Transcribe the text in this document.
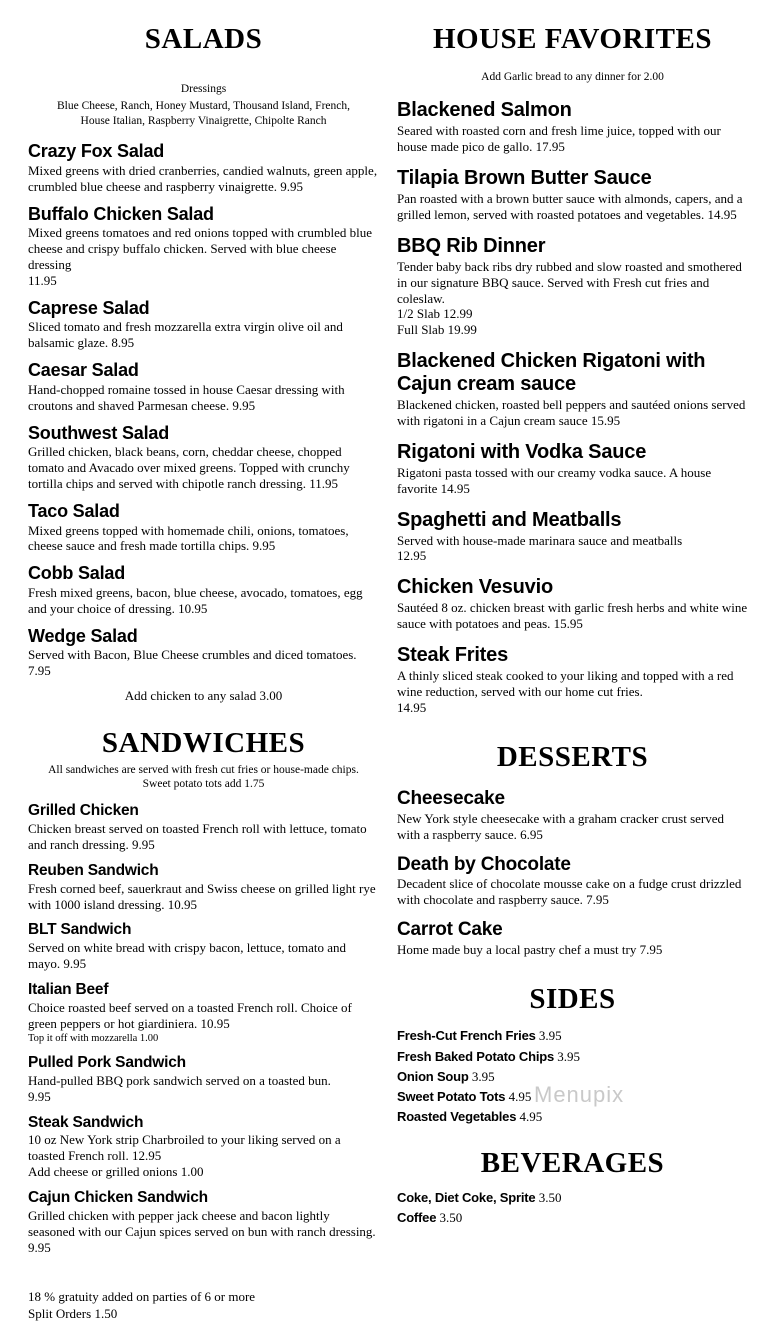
SALADS

Dressings

Blue Cheese, Ranch, Honey Mustard, Thousand Island, French, House Italian, Raspberry Vinaigrette, Chipolte Ranch

Crazy Fox Salad

Mixed greens with dried cranberries, candied walnuts, green apple, crumbled blue cheese and raspberry vinaigrette. 9.95

Buffalo Chicken Salad

Mixed greens tomatoes and red onions topped with crumbled blue cheese and crispy buffalo chicken. Served with blue cheese dressing

11.95

Caprese Salad

Sliced tomato and fresh mozzarella extra virgin olive oil and balsamic glaze. 8.95

Caesar Salad

Hand-chopped romaine tossed in house Caesar dressing with croutons and shaved Parmesan cheese. 9.95

Southwest Salad

Grilled chicken, black beans, corn, cheddar cheese, chopped tomato and Avacado over mixed greens. Topped with crunchy tortilla chips and served with chipotle ranch dressing. 11.95

Taco Salad

Mixed greens topped with homemade chili, onions, tomatoes, cheese sauce and fresh made tortilla chips. 9.95

Cobb Salad

Fresh mixed greens, bacon, blue cheese, avocado, tomatoes, egg and your choice of dressing. 10.95

Wedge Salad

Served with Bacon, Blue Cheese crumbles and diced tomatoes. 7.95

Add chicken to any salad 3.00

SANDWICHES

All sandwiches are served with fresh cut fries or house-made chips. Sweet potato tots add 1.75

Grilled Chicken

Chicken breast served on toasted French roll with lettuce, tomato and ranch dressing. 9.95

Reuben Sandwich

Fresh corned beef, sauerkraut and Swiss cheese on grilled light rye with 1000 island dressing. 10.95

BLT Sandwich

Served on white bread with crispy bacon, lettuce, tomato and mayo. 9.95

Italian Beef

Choice roasted beef served on a toasted French roll. Choice of green peppers or hot giardiniera. 10.95

Top it off with mozzarella 1.00

Pulled Pork Sandwich

Hand-pulled BBQ pork sandwich served on a toasted bun.

9.95

Steak Sandwich

10 oz New York strip Charbroiled to your liking served on a toasted French roll. 12.95

Add cheese or grilled onions 1.00

Cajun Chicken Sandwich

Grilled chicken with pepper jack cheese and bacon lightly seasoned with our Cajun spices served on bun with ranch dressing. 9.95

18 % gratuity added on parties of 6 or more

Split Orders 1.50

HOUSE FAVORITES

Add Garlic bread to any dinner for 2.00

Blackened Salmon

Seared with roasted corn and fresh lime juice, topped with our house made pico de gallo. 17.95

Tilapia Brown Butter Sauce

Pan roasted with a brown butter sauce with almonds, capers, and a grilled lemon, served with roasted potatoes and vegetables. 14.95

BBQ Rib Dinner

Tender baby back ribs dry rubbed and slow roasted and smothered in our signature BBQ sauce. Served with Fresh cut fries and coleslaw.

1/2 Slab 12.99

Full Slab 19.99

Blackened Chicken Rigatoni with Cajun cream sauce

Blackened chicken, roasted bell peppers and sautéed onions served with rigatoni in a Cajun cream sauce 15.95

Rigatoni with Vodka Sauce

Rigatoni pasta tossed with our creamy vodka sauce. A house favorite 14.95

Spaghetti and Meatballs

Served with house-made marinara sauce and meatballs

12.95

Chicken Vesuvio

Sautéed 8 oz. chicken breast with garlic fresh herbs and white wine sauce with potatoes and peas. 15.95

Steak Frites

A thinly sliced steak cooked to your liking and topped with a red wine reduction, served with our home cut fries.

14.95

DESSERTS
Cheesecake

New York style cheesecake with a graham cracker crust served with a raspberry sauce. 6.95

Death by Chocolate

Decadent slice of chocolate mousse cake on a fudge crust drizzled with chocolate and raspberry sauce. 7.95

Carrot Cake

Home made buy a local pastry chef a must try 7.95

SIDES

Fresh-Cut French Fries 3.95

Fresh Baked Potato Chips 3.95

Onion Soup 3.95

Sweet Potato Tots 4.95

Roasted Vegetables 4.95

BEVERAGES

Coke, Diet Coke, Sprite 3.50

Coffee 3.50

Menupix
